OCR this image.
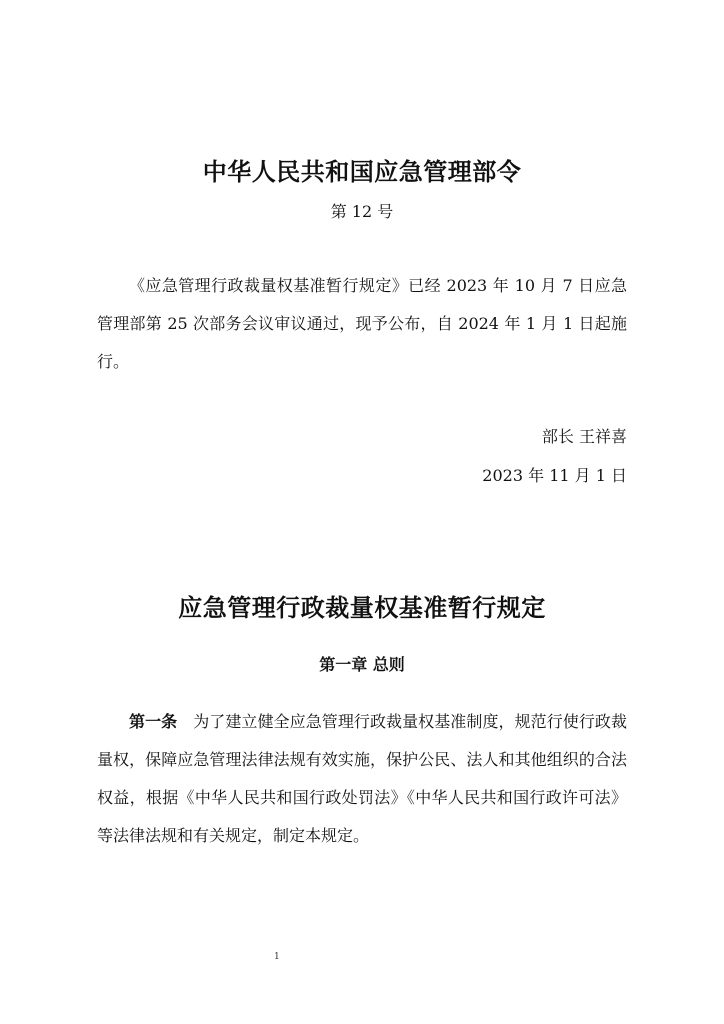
中华人民共和国应急管理部令
第 12 号

《应急管理行政裁量权基准暂行规定》已经 2023 年 10 月 7 日应急管理部第 25 次部务会议审议通过，现予公布，自 2024 年 1 月 1 日起施行。

部长 王祥喜
2023 年 11 月 1 日
应急管理行政裁量权基准暂行规定
第一章 总则

第一条 为了建立健全应急管理行政裁量权基准制度，规范行使行政裁量权，保障应急管理法律法规有效实施，保护公民、法人和其他组织的合法权益，根据《中华人民共和国行政处罚法》《中华人民共和国行政许可法》等法律法规和有关规定，制定本规定。

1
